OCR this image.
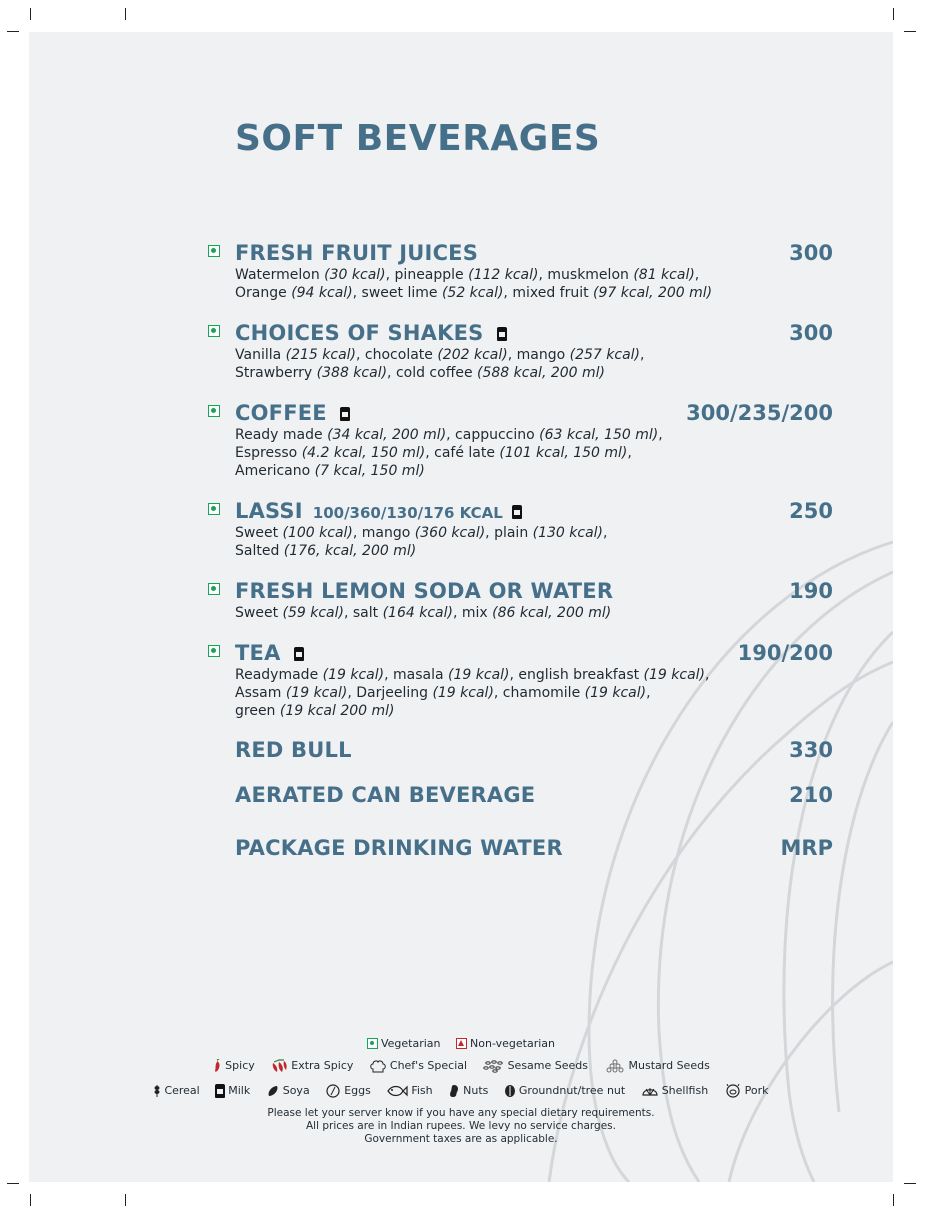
SOFT BEVERAGES
FRESH FRUIT JUICES	300
Watermelon (30 kcal), pineapple (112 kcal), muskmelon (81 kcal),
Orange (94 kcal), sweet lime (52 kcal), mixed fruit (97 kcal, 200 ml)
CHOICES OF SHAKES	300
Vanilla (215 kcal), chocolate (202 kcal), mango (257 kcal),
Strawberry (388 kcal), cold coffee (588 kcal, 200 ml)
COFFEE	300/235/200
Ready made (34 kcal, 200 ml), cappuccino (63 kcal, 150 ml),
Espresso (4.2 kcal, 150 ml), café late (101 kcal, 150 ml),
Americano (7 kcal, 150 ml)
LASSI 100/360/130/176 KCAL	250
Sweet (100 kcal), mango (360 kcal), plain (130 kcal),
Salted (176, kcal, 200 ml)
FRESH LEMON SODA OR WATER	190
Sweet (59 kcal), salt (164 kcal), mix (86 kcal, 200 ml)
TEA	190/200
Readymade (19 kcal), masala (19 kcal), english breakfast (19 kcal),
Assam (19 kcal), Darjeeling (19 kcal), chamomile (19 kcal),
green (19 kcal 200 ml)
RED BULL	330
AERATED CAN BEVERAGE	210
PACKAGE DRINKING WATER	MRP
Vegetarian	Non-vegetarian
Spicy	Extra Spicy	Chef's Special	Sesame Seeds	Mustard Seeds
Cereal	Milk	Soya	Eggs	Fish	Nuts	Groundnut/tree nut	Shellfish	Pork
Please let your server know if you have any special dietary requirements.
All prices are in Indian rupees. We levy no service charges.
Government taxes are as applicable.
